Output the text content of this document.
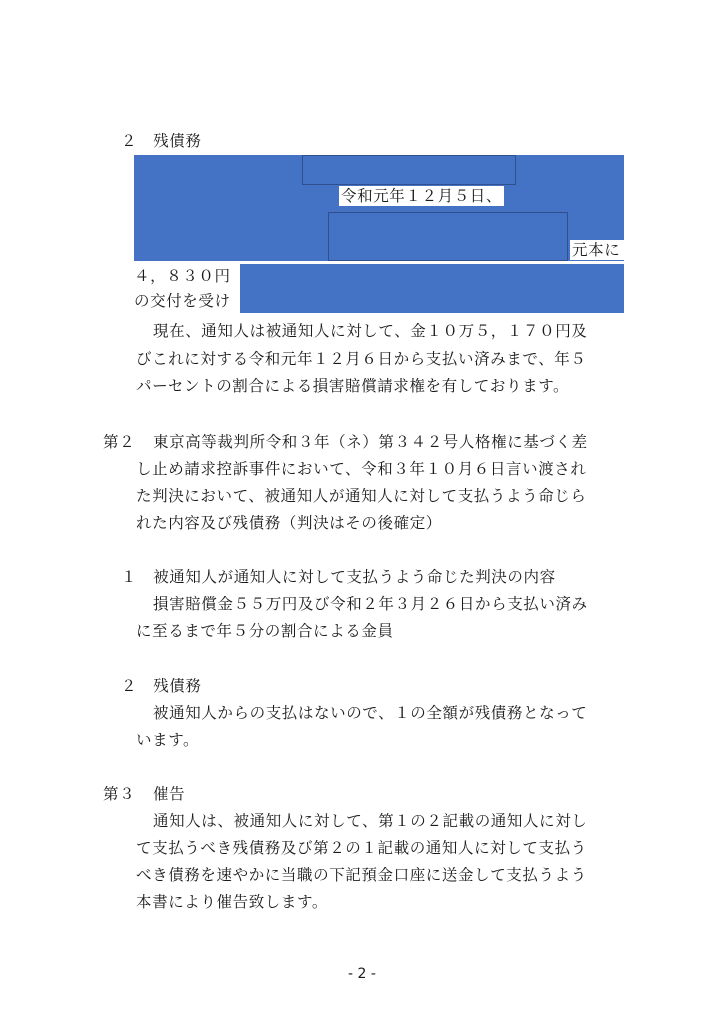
２　残債務
令和元年１２月５日、
元本に
４，８３０円
の交付を受け
現在、通知人は被通知人に対して、金１０万５，１７０円及
びこれに対する令和元年１２月６日から支払い済みまで、年５
パーセントの割合による損害賠償請求権を有しております。
第２ 東京高等裁判所令和３年（ネ）第３４２号人格権に基づく差
し止め請求控訴事件において、令和３年１０月６日言い渡され
た判決において、被通知人が通知人に対して支払うよう命じら
れた内容及び残債務（判決はその後確定）
１　被通知人が通知人に対して支払うよう命じた判決の内容
損害賠償金５５万円及び令和２年３月２６日から支払い済み
に至るまで年５分の割合による金員
２　残債務
被通知人からの支払はないので、１の全額が残債務となって
います。
第３ 催告
通知人は、被通知人に対して、第１の２記載の通知人に対し
て支払うべき残債務及び第２の１記載の通知人に対して支払う
べき債務を速やかに当職の下記預金口座に送金して支払うよう
本書により催告致します。
- 2 -
